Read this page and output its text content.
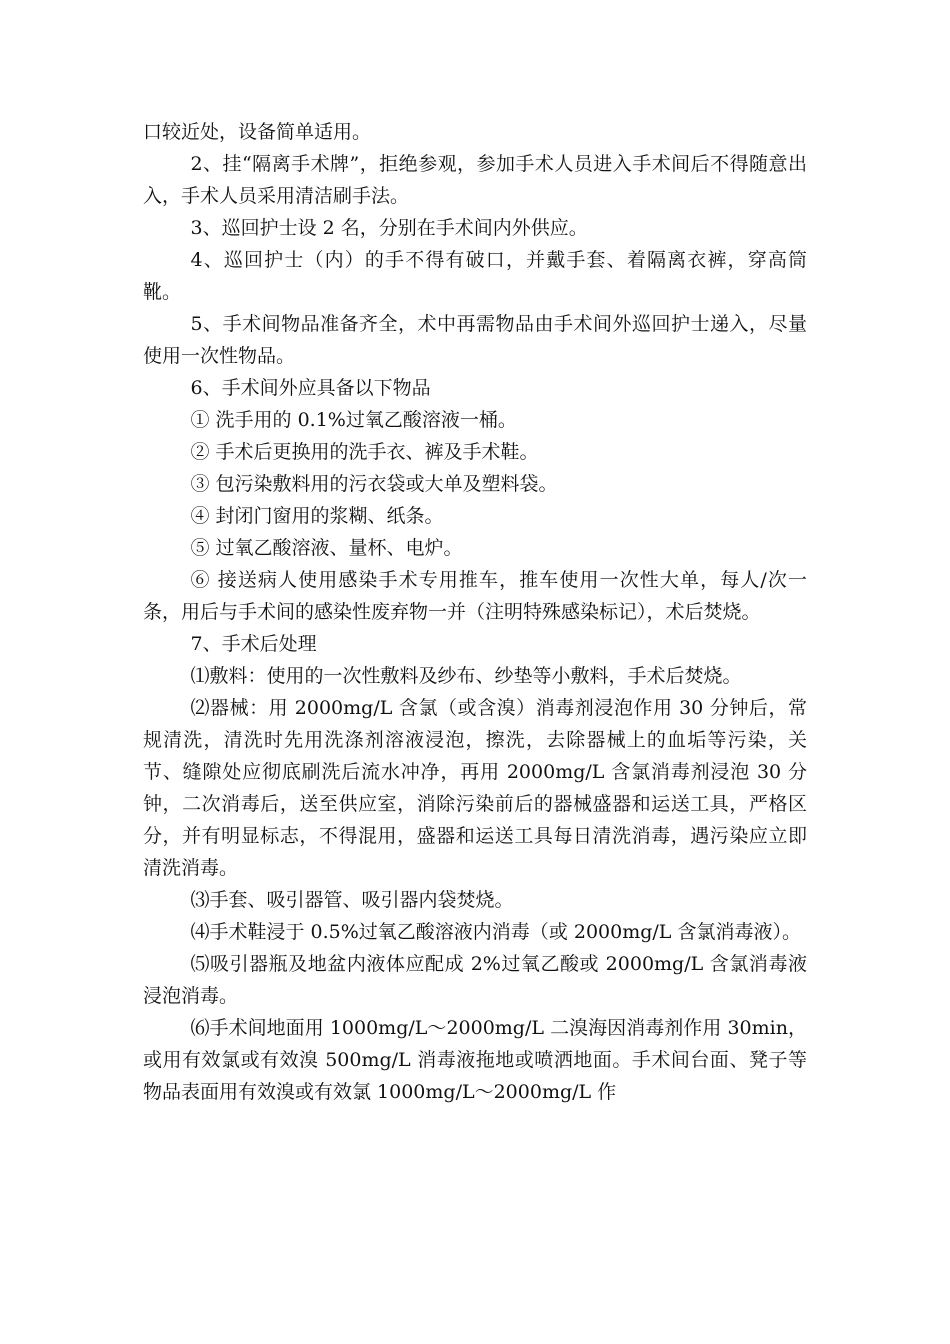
口较近处，设备简单适用。

2、挂“隔离手术牌”，拒绝参观，参加手术人员进入手术间后不得随意出入，手术人员采用清洁刷手法。

3、巡回护士设 2 名，分别在手术间内外供应。

4、巡回护士（内）的手不得有破口，并戴手套、着隔离衣裤，穿高筒靴。

5、手术间物品准备齐全，术中再需物品由手术间外巡回护士递入，尽量使用一次性物品。

6、手术间外应具备以下物品

① 洗手用的 0.1%过氧乙酸溶液一桶。

② 手术后更换用的洗手衣、裤及手术鞋。

③ 包污染敷料用的污衣袋或大单及塑料袋。

④ 封闭门窗用的浆糊、纸条。

⑤ 过氧乙酸溶液、量杯、电炉。

⑥ 接送病人使用感染手术专用推车，推车使用一次性大单，每人/次一条，用后与手术间的感染性废弃物一并（注明特殊感染标记），术后焚烧。

7、手术后处理

⑴敷料：使用的一次性敷料及纱布、纱垫等小敷料，手术后焚烧。

⑵器械：用 2000mg/L 含氯（或含溴）消毒剂浸泡作用 30 分钟后，常规清洗，清洗时先用洗涤剂溶液浸泡，擦洗，去除器械上的血垢等污染，关节、缝隙处应彻底刷洗后流水冲净，再用 2000mg/L 含氯消毒剂浸泡 30 分钟，二次消毒后，送至供应室，消除污染前后的器械盛器和运送工具，严格区分，并有明显标志，不得混用，盛器和运送工具每日清洗消毒，遇污染应立即清洗消毒。

⑶手套、吸引器管、吸引器内袋焚烧。

⑷手术鞋浸于 0.5%过氧乙酸溶液内消毒（或 2000mg/L 含氯消毒液）。

⑸吸引器瓶及地盆内液体应配成 2%过氧乙酸或 2000mg/L 含氯消毒液浸泡消毒。

⑹手术间地面用 1000mg/L～2000mg/L 二溴海因消毒剂作用 30min，或用有效氯或有效溴 500mg/L 消毒液拖地或喷洒地面。手术间台面、凳子等物品表面用有效溴或有效氯 1000mg/L～2000mg/L 作
